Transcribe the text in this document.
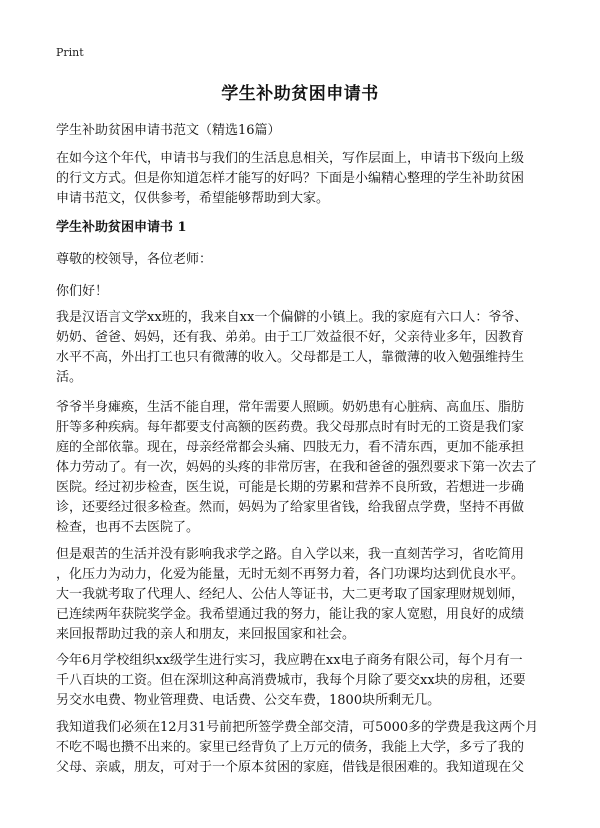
Print
学生补助贫困申请书

学生补助贫困申请书范文（精选16篇）

在如今这个年代，申请书与我们的生活息息相关，写作层面上，申请书下级向上级
的行文方式。但是你知道怎样才能写的好吗？下面是小编精心整理的学生补助贫困
申请书范文，仅供参考，希望能够帮助到大家。
学生补助贫困申请书 1

尊敬的校领导，各位老师：

你们好！

我是汉语言文学xx班的，我来自xx一个偏僻的小镇上。我的家庭有六口人：爷爷、
奶奶、爸爸、妈妈，还有我、弟弟。由于工厂效益很不好，父亲待业多年，因教育
水平不高，外出打工也只有微薄的收入。父母都是工人，靠微薄的收入勉强维持生
活。
爷爷半身瘫痪，生活不能自理，常年需要人照顾。奶奶患有心脏病、高血压、脂肪
肝等多种疾病。每年都要支付高额的医药费。我父母那点时有时无的工资是我们家
庭的全部依靠。现在，母亲经常都会头痛、四肢无力，看不清东西，更加不能承担
体力劳动了。有一次，妈妈的头疼的非常厉害，在我和爸爸的强烈要求下第一次去了
医院。经过初步检查，医生说，可能是长期的劳累和营养不良所致，若想进一步确
诊，还要经过很多检查。然而，妈妈为了给家里省钱，给我留点学费，坚持不再做
检查，也再不去医院了。
但是艰苦的生活并没有影响我求学之路。自入学以来，我一直刻苦学习，省吃简用
，化压力为动力，化爱为能量，无时无刻不再努力着，各门功课均达到优良水平。
大一我就考取了代理人、经纪人、公估人等证书，大二更考取了国家理财规划师，
已连续两年获院奖学金。我希望通过我的努力，能让我的家人宽慰，用良好的成绩
来回报帮助过我的亲人和朋友，来回报国家和社会。
今年6月学校组织xx级学生进行实习，我应聘在xx电子商务有限公司，每个月有一
千八百块的工资。但在深圳这种高消费城市，我每个月除了要交xx块的房租，还要
另交水电费、物业管理费、电话费、公交车费，1800块所剩无几。
我知道我们必须在12月31号前把所签学费全部交清，可5000多的学费是我这两个月
不吃不喝也攒不出来的。家里已经背负了上万元的债务，我能上大学，多亏了我的
父母、亲戚，朋友，可对于一个原本贫困的家庭，借钱是很困难的。我知道现在父
